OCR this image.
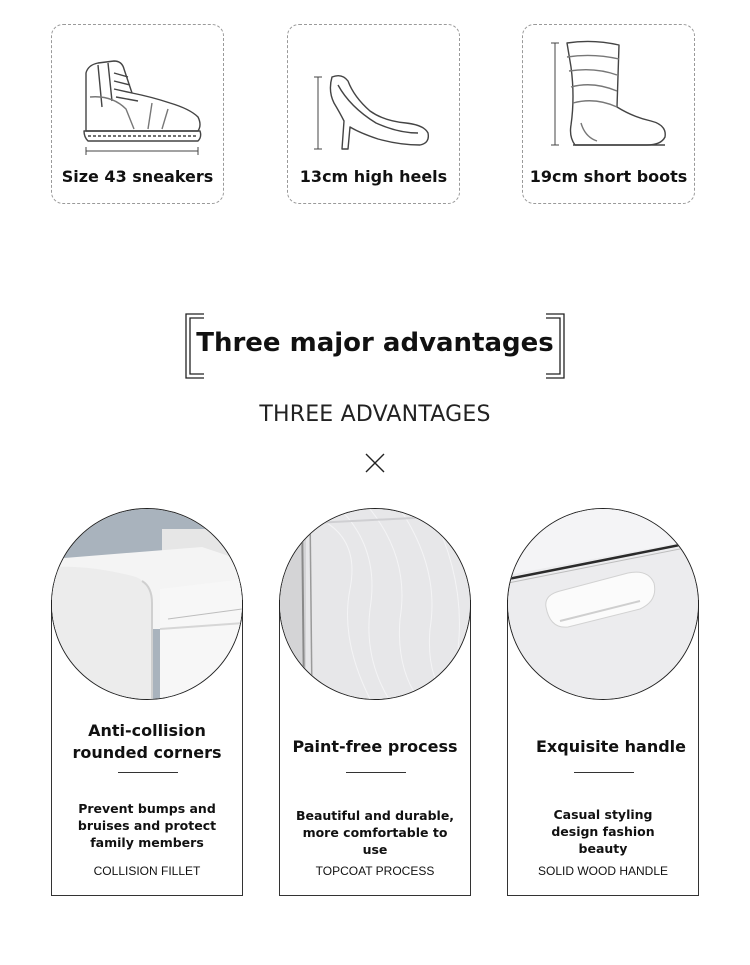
Size 43 sneakers	13cm high heels	19cm short boots
Three major advantages
THREE ADVANTAGES
Anti-collision rounded corners
Prevent bumps and bruises and protect family members
COLLISION FILLET
Paint-free process
Beautiful and durable, more comfortable to use
TOPCOAT PROCESS
Exquisite handle
Casual styling design fashion beauty
SOLID WOOD HANDLE
